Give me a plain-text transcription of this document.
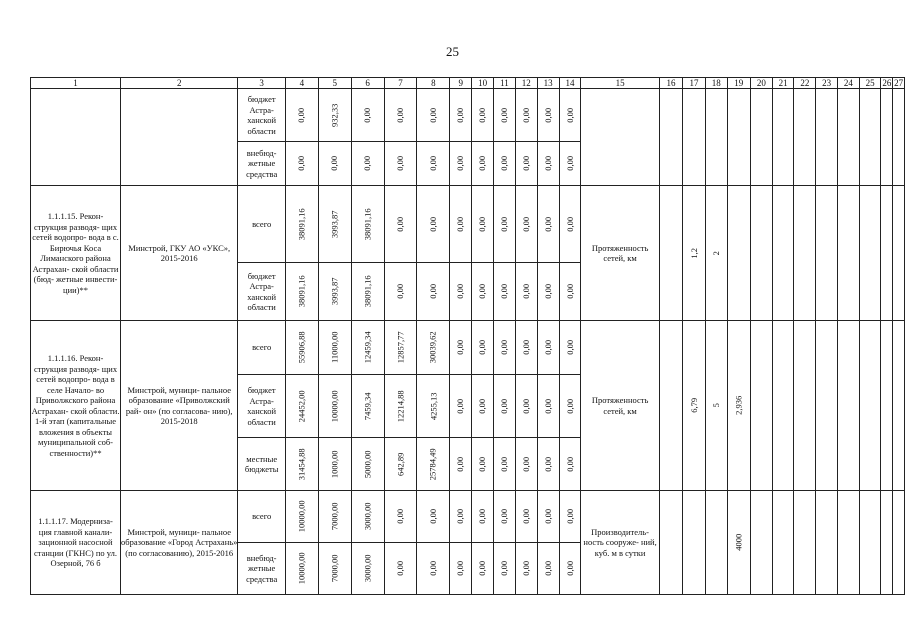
25
1	2	3	4	5	6	7	8	9	10	11	12	13	14	15	16	17	18	19	20	21	22	23	24	25	26	27
		бюджет Астра- ханской области	0,00	932,33	0,00	0,00	0,00	0,00	0,00	0,00	0,00	0,00	0,00													
		внебюд- жетные средства	0,00	0,00	0,00	0,00	0,00	0,00	0,00	0,00	0,00	0,00	0,00													
1.1.1.15. Рекон- струкция разводя- щих сетей водопро- вода в с. Бирючья Коса Лиманского района Астрахан- ской области (бюд- жетные инвести- ции)**	Минстрой, ГКУ АО «УКС», 2015-2016	всего	38091,16	3993,87	38091,16	0,00	0,00	0,00	0,00	0,00	0,00	0,00	0,00	Протяженность сетей, км		1,2	2									
		бюджет Астра- ханской области	38091,16	3993,87	38091,16	0,00	0,00	0,00	0,00	0,00	0,00	0,00	0,00													
1.1.1.16. Рекон- струкция разводя- щих сетей водопро- вода в селе Начало- во Приволжского района Астрахан- ской области. 1-й этап (капитальные вложения в объекты муниципальной соб- ственности)**	Минстрой, муници- пальное образование «Приволжский рай- он» (по согласова- нию), 2015-2018	всего	55906,88	11000,00	12459,34	12857,77	30039,62	0,00	0,00	0,00	0,00	0,00	0,00	Протяженность сетей, км		6,79	5	2,936								
		бюджет Астра- ханской области	24452,00	10000,00	7459,34	12214,88	4255,13	0,00	0,00	0,00	0,00	0,00	0,00													
		местные бюджеты	31454,88	1000,00	5000,00	642,89	25784,49	0,00	0,00	0,00	0,00	0,00	0,00													
1.1.1.17. Модерниза- ция главной канали- зационной насосной станции (ГКНС) по ул. Озерной, 76 б	Минстрой, муници- пальное образование «Город Астрахань» (по согласованию), 2015-2016	всего	10000,00	7000,00	3000,00	0,00	0,00	0,00	0,00	0,00	0,00	0,00	0,00	Производитель- ность сооруже- ний, куб. м в сутки				4000								
		внебюд- жетные средства	10000,00	7000,00	3000,00	0,00	0,00	0,00	0,00	0,00	0,00	0,00	0,00													
